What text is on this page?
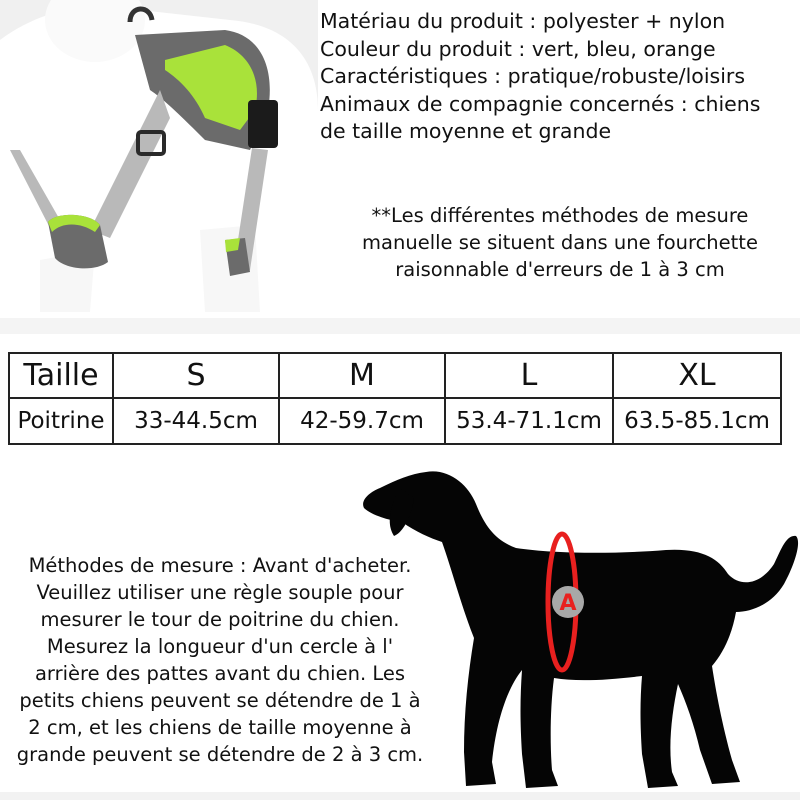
Matériau du produit : polyester + nylon
Couleur du produit : vert, bleu, orange
Caractéristiques : pratique/robuste/loisirs
Animaux de compagnie concernés : chiens
de taille moyenne et grande
**Les différentes méthodes de mesure
manuelle se situent dans une fourchette
raisonnable d'erreurs de 1 à 3 cm
Taille	S	M	L	XL
Poitrine	33-44.5cm	42-59.7cm	53.4-71.1cm	63.5-85.1cm
Méthodes de mesure : Avant d'acheter.
Veuillez utiliser une règle souple pour
mesurer le tour de poitrine du chien.
Mesurez la longueur d'un cercle à l'
arrière des pattes avant du chien. Les
petits chiens peuvent se détendre de 1 à
2 cm, et les chiens de taille moyenne à
grande peuvent se détendre de 2 à 3 cm.
A
